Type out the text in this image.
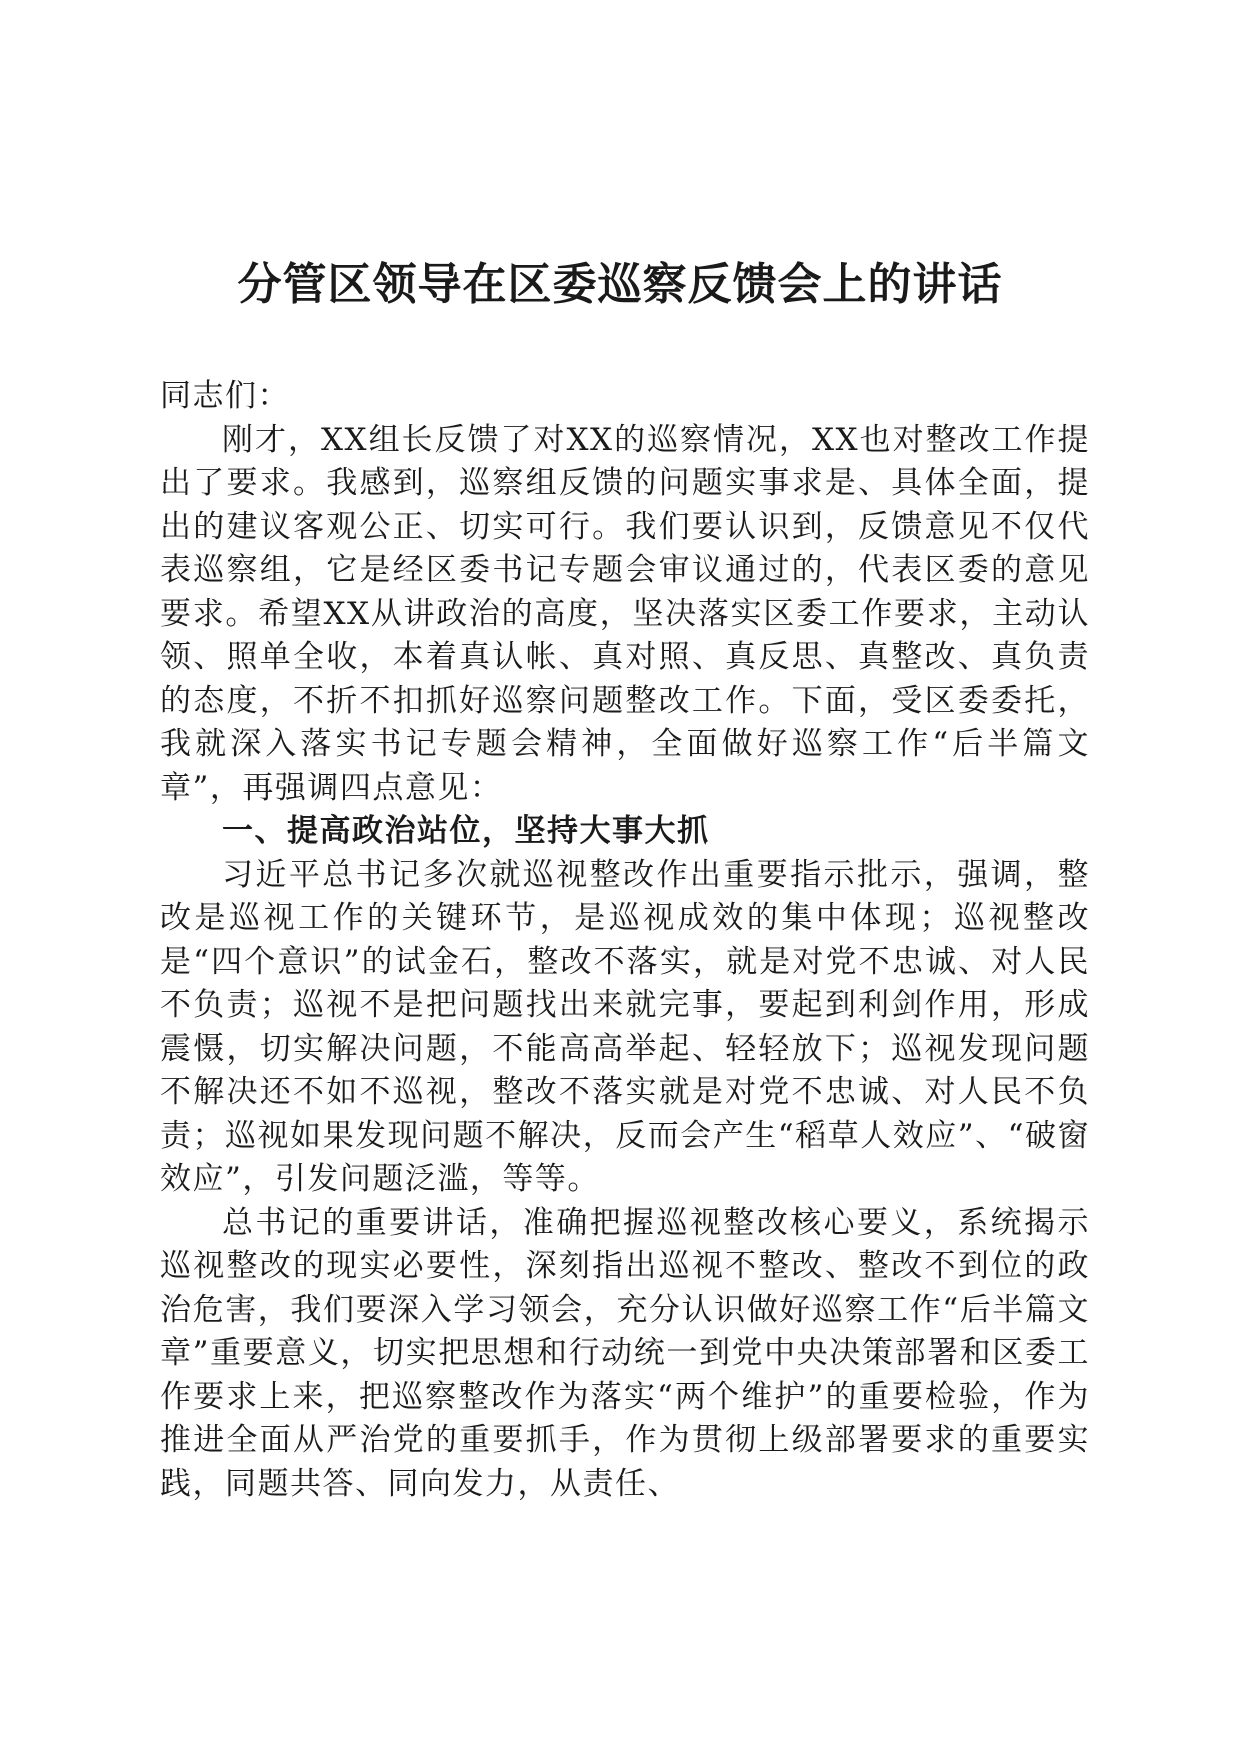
分管区领导在区委巡察反馈会上的讲话

同志们：

刚才，XX组长反馈了对XX的巡察情况，XX也对整改工作提出了要求。我感到，巡察组反馈的问题实事求是、具体全面，提出的建议客观公正、切实可行。我们要认识到，反馈意见不仅代表巡察组，它是经区委书记专题会审议通过的，代表区委的意见要求。希望XX从讲政治的高度，坚决落实区委工作要求，主动认领、照单全收，本着真认帐、真对照、真反思、真整改、真负责的态度，不折不扣抓好巡察问题整改工作。下面，受区委委托，我就深入落实书记专题会精神，全面做好巡察工作“后半篇文章”，再强调四点意见：

一、提高政治站位，坚持大事大抓

习近平总书记多次就巡视整改作出重要指示批示，强调，整改是巡视工作的关键环节，是巡视成效的集中体现；巡视整改是“四个意识”的试金石，整改不落实，就是对党不忠诚、对人民不负责；巡视不是把问题找出来就完事，要起到利剑作用，形成震慑，切实解决问题，不能高高举起、轻轻放下；巡视发现问题不解决还不如不巡视，整改不落实就是对党不忠诚、对人民不负责；巡视如果发现问题不解决，反而会产生“稻草人效应”、“破窗效应”，引发问题泛滥，等等。

总书记的重要讲话，准确把握巡视整改核心要义，系统揭示巡视整改的现实必要性，深刻指出巡视不整改、整改不到位的政治危害，我们要深入学习领会，充分认识做好巡察工作“后半篇文章”重要意义，切实把思想和行动统一到党中央决策部署和区委工作要求上来，把巡察整改作为落实“两个维护”的重要检验，作为推进全面从严治党的重要抓手，作为贯彻上级部署要求的重要实践，同题共答、同向发力，从责任、
